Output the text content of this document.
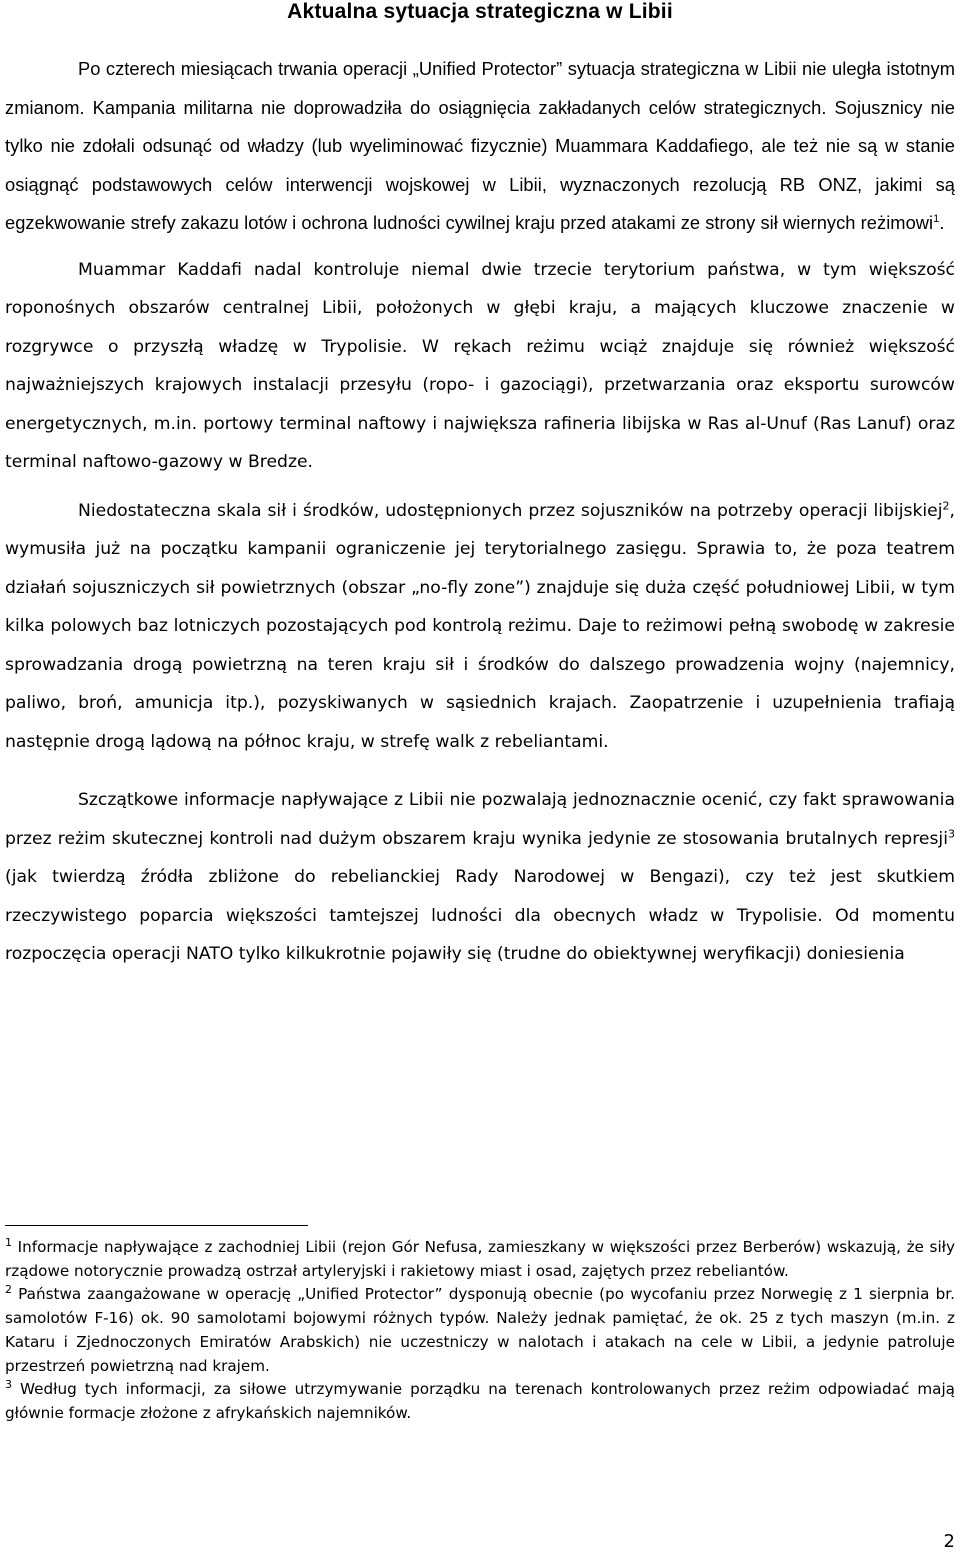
Aktualna sytuacja strategiczna w Libii

Po czterech miesiącach trwania operacji „Unified Protector” sytuacja strategiczna w Libii nie uległa istotnym zmianom. Kampania militarna nie doprowadziła do osiągnięcia zakładanych celów strategicznych. Sojusznicy nie tylko nie zdołali odsunąć od władzy (lub wyeliminować fizycznie) Muammara Kaddafiego, ale też nie są w stanie osiągnąć podstawowych celów interwencji wojskowej w Libii, wyznaczonych rezolucją RB ONZ, jakimi są egzekwowanie strefy zakazu lotów i ochrona ludności cywilnej kraju przed atakami ze strony sił wiernych reżimowi$^1$.

Muammar Kaddafi nadal kontroluje niemal dwie trzecie terytorium państwa, w tym większość roponośnych obszarów centralnej Libii, położonych w głębi kraju, a mających kluczowe znaczenie w rozgrywce o przyszłą władzę w Trypolisie. W rękach reżimu wciąż znajduje się również większość najważniejszych krajowych instalacji przesyłu (ropo- i gazociągi), przetwarzania oraz eksportu surowców energetycznych, m.in. portowy terminal naftowy i największa rafineria libijska w Ras al-Unuf (Ras Lanuf) oraz terminal naftowo-gazowy w Bredze.

Niedostateczna skala sił i środków, udostępnionych przez sojuszników na potrzeby operacji libijskiej$^2$, wymusiła już na początku kampanii ograniczenie jej terytorialnego zasięgu. Sprawia to, że poza teatrem działań sojuszniczych sił powietrznych (obszar „no-fly zone”) znajduje się duża część południowej Libii, w tym kilka polowych baz lotniczych pozostających pod kontrolą reżimu. Daje to reżimowi pełną swobodę w zakresie sprowadzania drogą powietrzną na teren kraju sił i środków do dalszego prowadzenia wojny (najemnicy, paliwo, broń, amunicja itp.), pozyskiwanych w sąsiednich krajach. Zaopatrzenie i uzupełnienia trafiają następnie drogą lądową na północ kraju, w strefę walk z rebeliantami.

Szczątkowe informacje napływające z Libii nie pozwalają jednoznacznie ocenić, czy fakt sprawowania przez reżim skutecznej kontroli nad dużym obszarem kraju wynika jedynie ze stosowania brutalnych represji$^3$ (jak twierdzą źródła zbliżone do rebelianckiej Rady Narodowej w Bengazi), czy też jest skutkiem rzeczywistego poparcia większości tamtejszej ludności dla obecnych władz w Trypolisie. Od momentu rozpoczęcia operacji NATO tylko kilkukrotnie pojawiły się (trudne do obiektywnej weryfikacji) doniesienia

$^1$ Informacje napływające z zachodniej Libii (rejon Gór Nefusa, zamieszkany w większości przez Berberów) wskazują, że siły rządowe notorycznie prowadzą ostrzał artyleryjski i rakietowy miast i osad, zajętych przez rebeliantów.

$^2$ Państwa zaangażowane w operację „Unified Protector” dysponują obecnie (po wycofaniu przez Norwegię z 1 sierpnia br. samolotów F-16) ok. 90 samolotami bojowymi różnych typów. Należy jednak pamiętać, że ok. 25 z tych maszyn (m.in. z Kataru i Zjednoczonych Emiratów Arabskich) nie uczestniczy w nalotach i atakach na cele w Libii, a jedynie patroluje przestrzeń powietrzną nad krajem.

$^3$ Według tych informacji, za siłowe utrzymywanie porządku na terenach kontrolowanych przez reżim odpowiadać mają głównie formacje złożone z afrykańskich najemników.

2
